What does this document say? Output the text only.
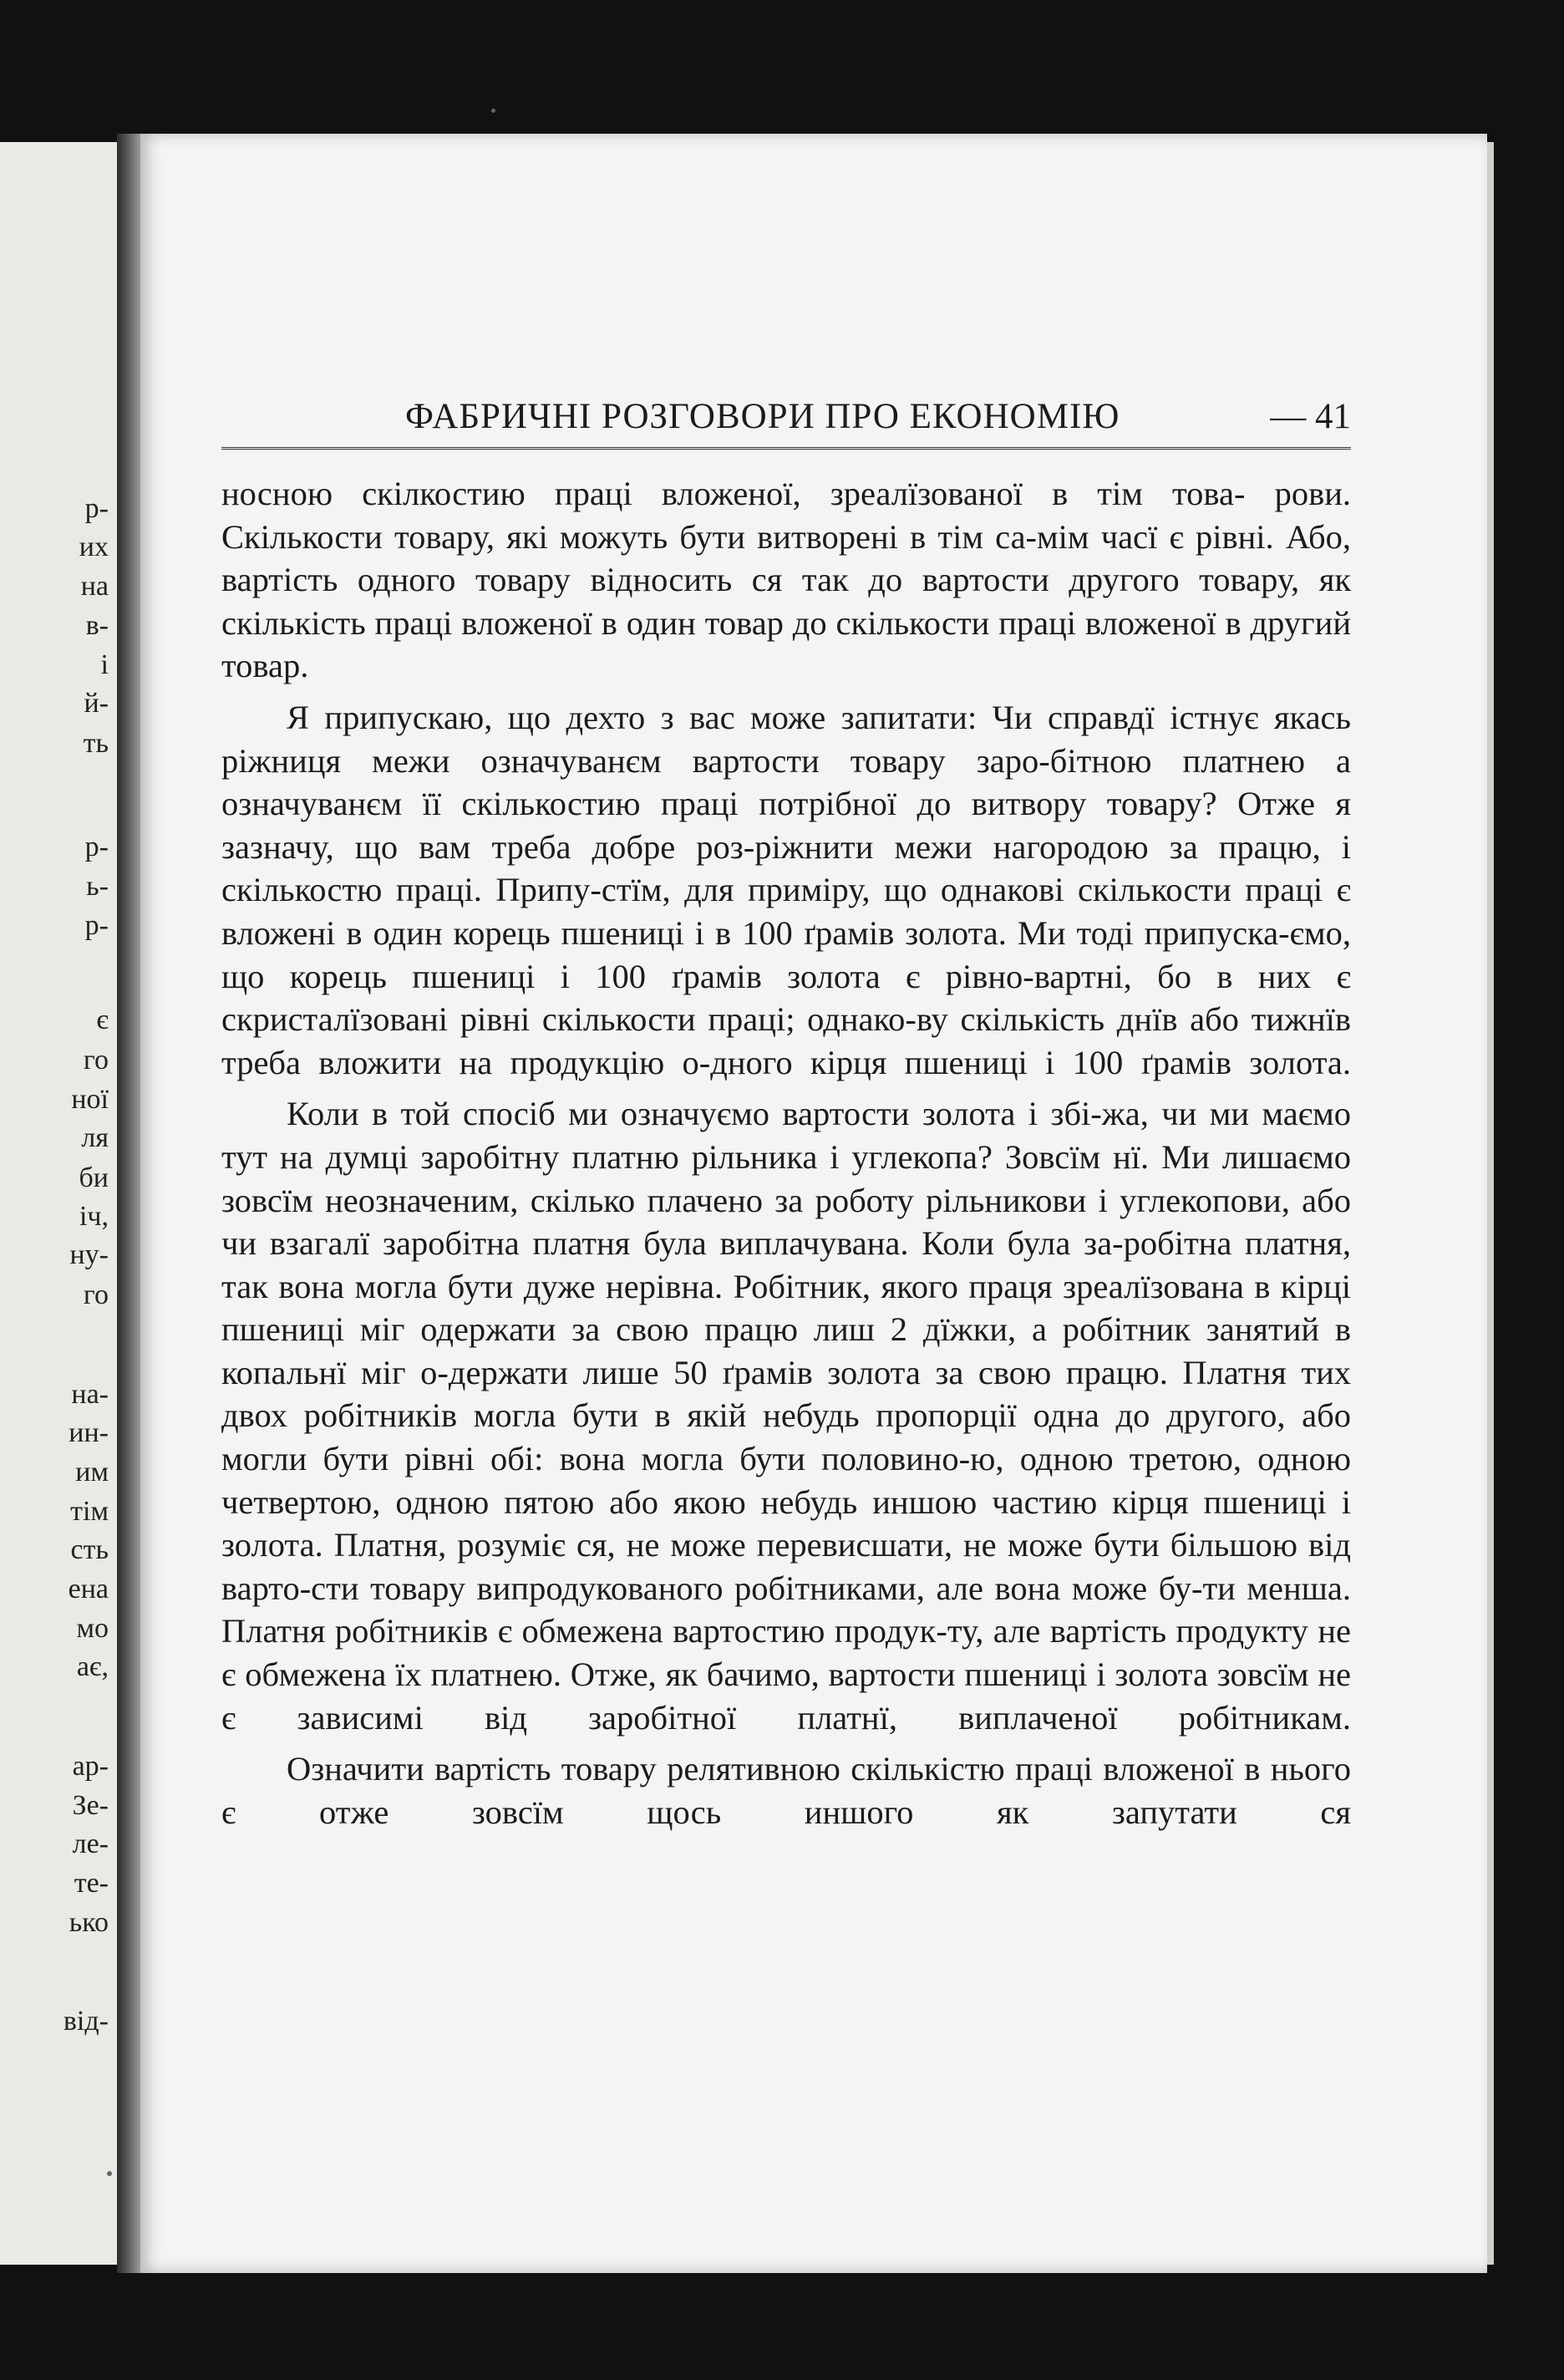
р-
их
на
в-
і
й-
ть
р-
ь-
р-
є
го
ної
ля
би
іч,
ну-
го
на-
ин-
им
тім
сть
ена
мо
ає,
ар-
Зе-
ле-
те-
ько
від-
ФАБРИЧНІ РОЗГОВОРИ ПРО ЕКОНОМІЮ	— 41

носною скілкостию праці вложеної, зреалїзованої в тім това- рови. Скількости товару, які можуть бути витворені в тім са-мім часї є рівні. Або, вартість одного товару відносить ся так до вартости другого товару, як скількість праці вложеної в один товар до скількости праці вложеної в другий товар.

Я припускаю, що дехто з вас може запитати: Чи справдї істнує якась ріжниця межи означуванєм вартости товару заро-бітною платнею а означуванєм її скількостию праці потрібної до витвору товару? Отже я зазначу, що вам треба добре роз-ріжнити межи нагородою за працю, і скількостю праці. Припу-стїм, для приміру, що однакові скількости праці є вложені в один корець пшениці і в 100 ґрамів золота. Ми тоді припуска-ємо, що корець пшениці і 100 ґрамів золота є рівно-вартні, бо в них є скристалїзовані рівні скількости праці; однако-ву скількість днїв або тижнїв треба вложити на продукцію о-дного кірця пшениці і 100 ґрамів золота.

Коли в той спосіб ми означуємо вартости золота і збі-жа, чи ми маємо тут на думці заробітну платню рільника і углекопа? Зовсїм нї. Ми лишаємо зовсїм неозначеним, скілько плачено за роботу рільникови і углекопови, або чи взагалї заробітна платня була виплачувана. Коли була за-робітна платня, так вона могла бути дуже нерівна. Робітник, якого праця зреалїзована в кірці пшениці міг одержати за свою працю лиш 2 дїжки, а робітник занятий в копальнї міг о-держати лише 50 ґрамів золота за свою працю. Платня тих двох робітників могла бути в якій небудь пропорції одна до другого, або могли бути рівні обі: вона могла бути половино-ю, одною третою, одною четвертою, одною пятою або якою небудь иншою частию кірця пшениці і золота. Платня, розуміє ся, не може перевисшати, не може бути більшою від варто-сти товару випродукованого робітниками, але вона може бу-ти менша. Платня робітників є обмежена вартостию продук-ту, але вартість продукту не є обмежена їх платнею. Отже, як бачимо, вартости пшениці і золота зовсїм не є зависимі від заробітної платнї, виплаченої робітникам.

Означити вартість товару релятивною скількістю праці вложеної в нього є отже зовсїм щось иншого як запутати ся
